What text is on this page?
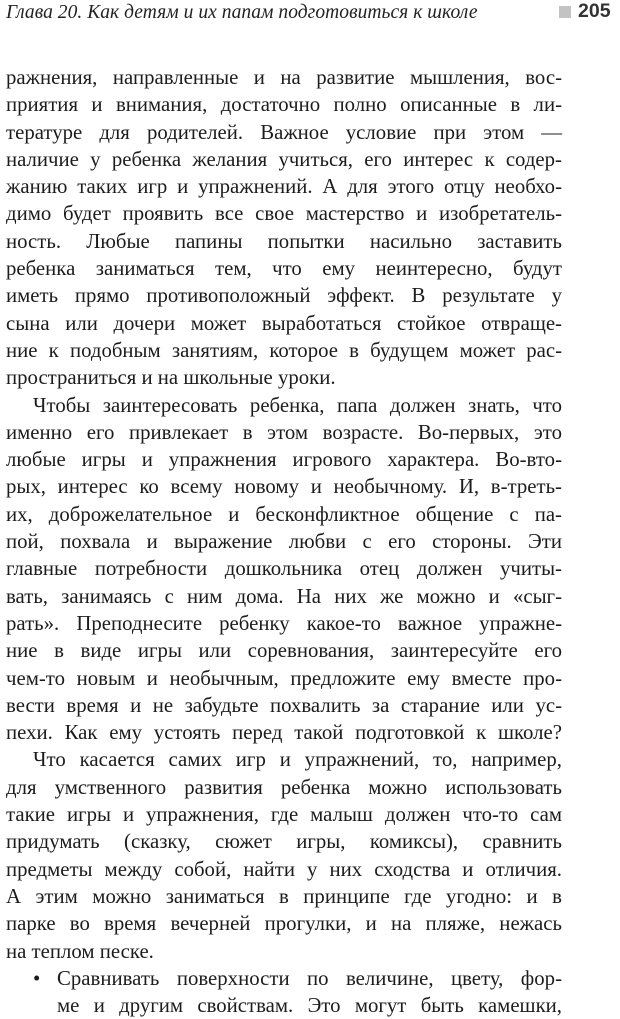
Глава 20. Как детям и их папам подготовиться к школе	205
ражнения, направленные и на развитие мышления, вос-
приятия и внимания, достаточно полно описанные в ли-
тературе для родителей. Важное условие при этом —
наличие у ребенка желания учиться, его интерес к содер-
жанию таких игр и упражнений. А для этого отцу необхо-
димо будет проявить все свое мастерство и изобретатель-
ность. Любые папины попытки насильно заставить
ребенка заниматься тем, что ему неинтересно, будут
иметь прямо противоположный эффект. В результате у
сына или дочери может выработаться стойкое отвраще-
ние к подобным занятиям, которое в будущем может рас-
пространиться и на школьные уроки.
Чтобы заинтересовать ребенка, папа должен знать, что
именно его привлекает в этом возрасте. Во-первых, это
любые игры и упражнения игрового характера. Во-вто-
рых, интерес ко всему новому и необычному. И, в-треть-
их, доброжелательное и бесконфликтное общение с па-
пой, похвала и выражение любви с его стороны. Эти
главные потребности дошкольника отец должен учиты-
вать, занимаясь с ним дома. На них же можно и «сыг-
рать». Преподнесите ребенку какое-то важное упражне-
ние в виде игры или соревнования, заинтересуйте его
чем-то новым и необычным, предложите ему вместе про-
вести время и не забудьте похвалить за старание или ус-
пехи. Как ему устоять перед такой подготовкой к школе?
Что касается самих игр и упражнений, то, например,
для умственного развития ребенка можно использовать
такие игры и упражнения, где малыш должен что-то сам
придумать (сказку, сюжет игры, комиксы), сравнить
предметы между собой, найти у них сходства и отличия.
А этим можно заниматься в принципе где угодно: и в
парке во время вечерней прогулки, и на пляже, нежась
на теплом песке.
• Сравнивать поверхности по величине, цвету, фор-
ме и другим свойствам. Это могут быть камешки,
